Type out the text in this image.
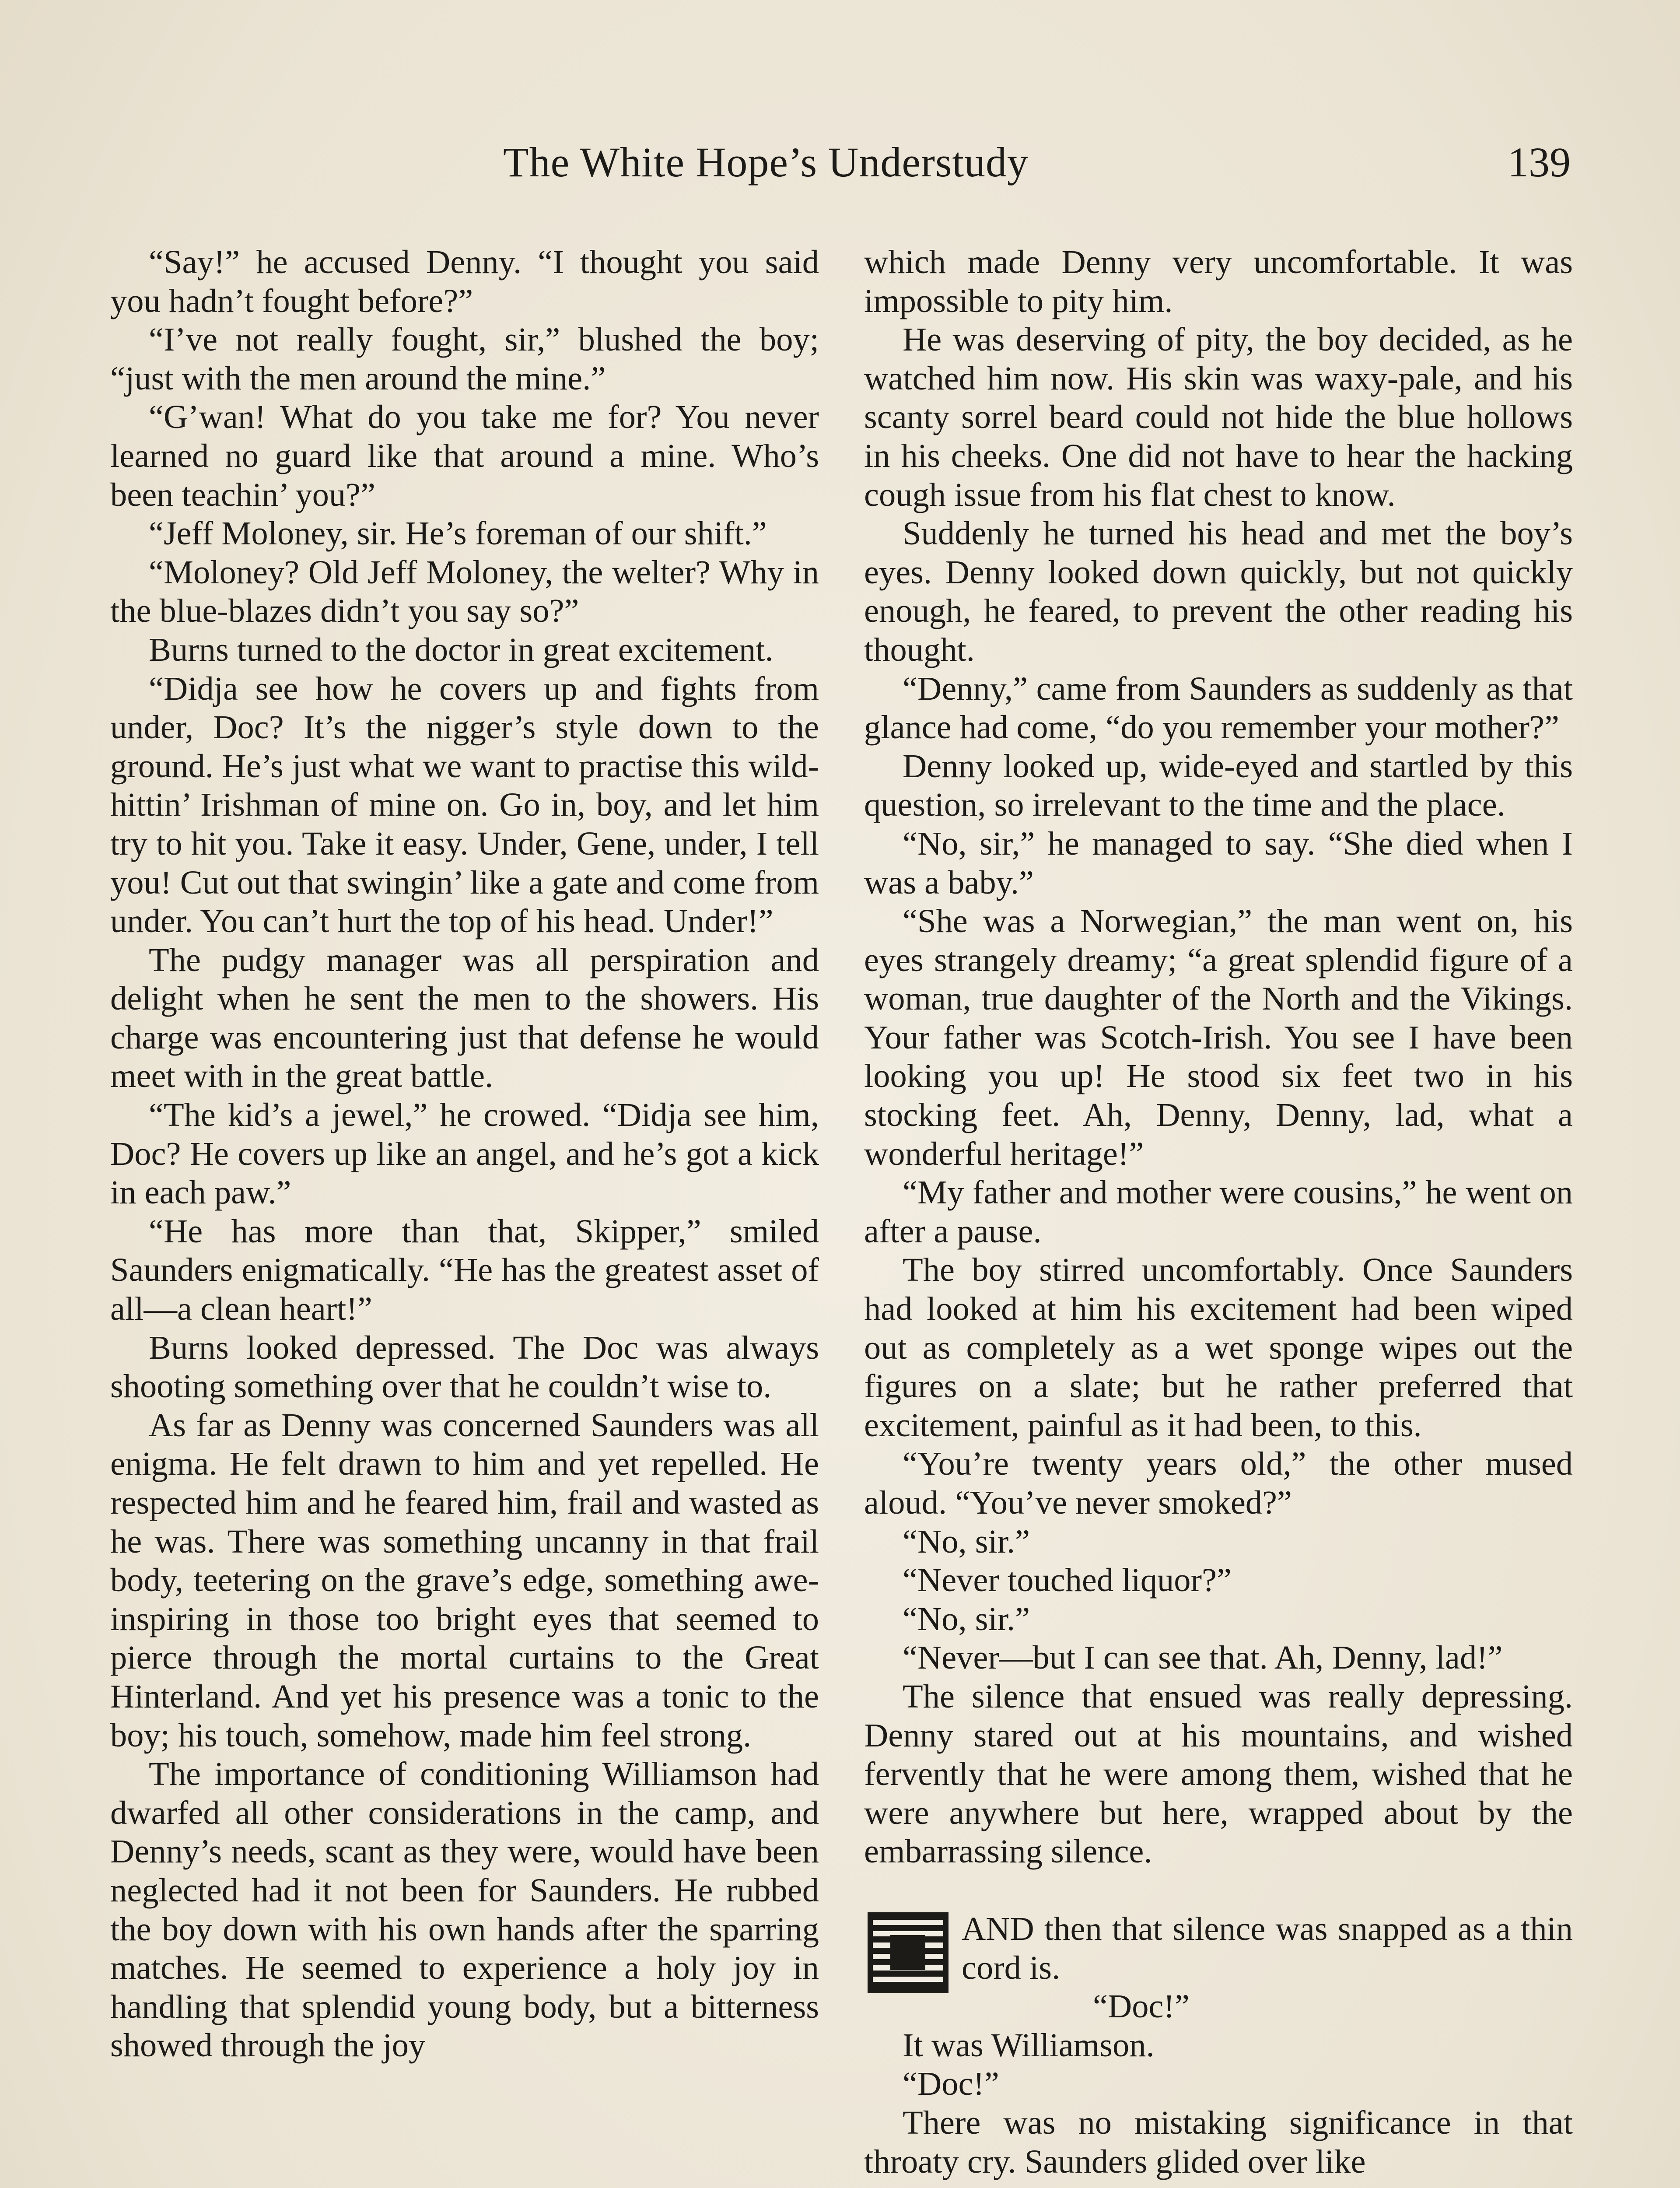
The White Hope’s Understudy	139

“Say!” he accused Denny. “I thought you said you hadn’t fought before?”

“I’ve not really fought, sir,” blushed the boy; “just with the men around the mine.”

“G’wan! What do you take me for? You never learned no guard like that around a mine. Who’s been teachin’ you?”

“Jeff Moloney, sir. He’s foreman of our shift.”

“Moloney? Old Jeff Moloney, the welter? Why in the blue-blazes didn’t you say so?”

Burns turned to the doctor in great excitement.

“Didja see how he covers up and fights from under, Doc? It’s the nigger’s style down to the ground. He’s just what we want to practise this wild-hittin’ Irishman of mine on. Go in, boy, and let him try to hit you. Take it easy. Under, Gene, under, I tell you! Cut out that swingin’ like a gate and come from under. You can’t hurt the top of his head. Under!”

The pudgy manager was all perspiration and delight when he sent the men to the showers. His charge was encountering just that defense he would meet with in the great battle.

“The kid’s a jewel,” he crowed. “Didja see him, Doc? He covers up like an angel, and he’s got a kick in each paw.”

“He has more than that, Skipper,” smiled Saunders enigmatically. “He has the greatest asset of all—a clean heart!”

Burns looked depressed. The Doc was always shooting something over that he couldn’t wise to.

As far as Denny was concerned Saunders was all enigma. He felt drawn to him and yet repelled. He respected him and he feared him, frail and wasted as he was. There was something uncanny in that frail body, teetering on the grave’s edge, something awe-inspiring in those too bright eyes that seemed to pierce through the mortal curtains to the Great Hinterland. And yet his presence was a tonic to the boy; his touch, somehow, made him feel strong.

The importance of conditioning Williamson had dwarfed all other considerations in the camp, and Denny’s needs, scant as they were, would have been neglected had it not been for Saunders. He rubbed the boy down with his own hands after the sparring matches. He seemed to experience a holy joy in handling that splendid young body, but a bitterness showed through the joy

which made Denny very uncomfortable. It was impossible to pity him.

He was deserving of pity, the boy decided, as he watched him now. His skin was waxy-pale, and his scanty sorrel beard could not hide the blue hollows in his cheeks. One did not have to hear the hacking cough issue from his flat chest to know.

Suddenly he turned his head and met the boy’s eyes. Denny looked down quickly, but not quickly enough, he feared, to prevent the other reading his thought.

“Denny,” came from Saunders as suddenly as that glance had come, “do you remember your mother?”

Denny looked up, wide-eyed and startled by this question, so irrelevant to the time and the place.

“No, sir,” he managed to say. “She died when I was a baby.”

“She was a Norwegian,” the man went on, his eyes strangely dreamy; “a great splendid figure of a woman, true daughter of the North and the Vikings. Your father was Scotch-Irish. You see I have been looking you up! He stood six feet two in his stocking feet. Ah, Denny, Denny, lad, what a wonderful heritage!”

“My father and mother were cousins,” he went on after a pause.

The boy stirred uncomfortably. Once Saunders had looked at him his excitement had been wiped out as completely as a wet sponge wipes out the figures on a slate; but he rather preferred that excitement, painful as it had been, to this.

“You’re twenty years old,” the other mused aloud. “You’ve never smoked?”

“No, sir.”

“Never touched liquor?”

“No, sir.”

“Never—but I can see that. Ah, Denny, lad!”

The silence that ensued was really depressing. Denny stared out at his mountains, and wished fervently that he were among them, wished that he were anywhere but here, wrapped about by the embarrassing silence.

AND then that silence was snapped as a thin cord is.

“Doc!”

It was Williamson.

“Doc!”

There was no mistaking significance in that throaty cry. Saunders glided over like
